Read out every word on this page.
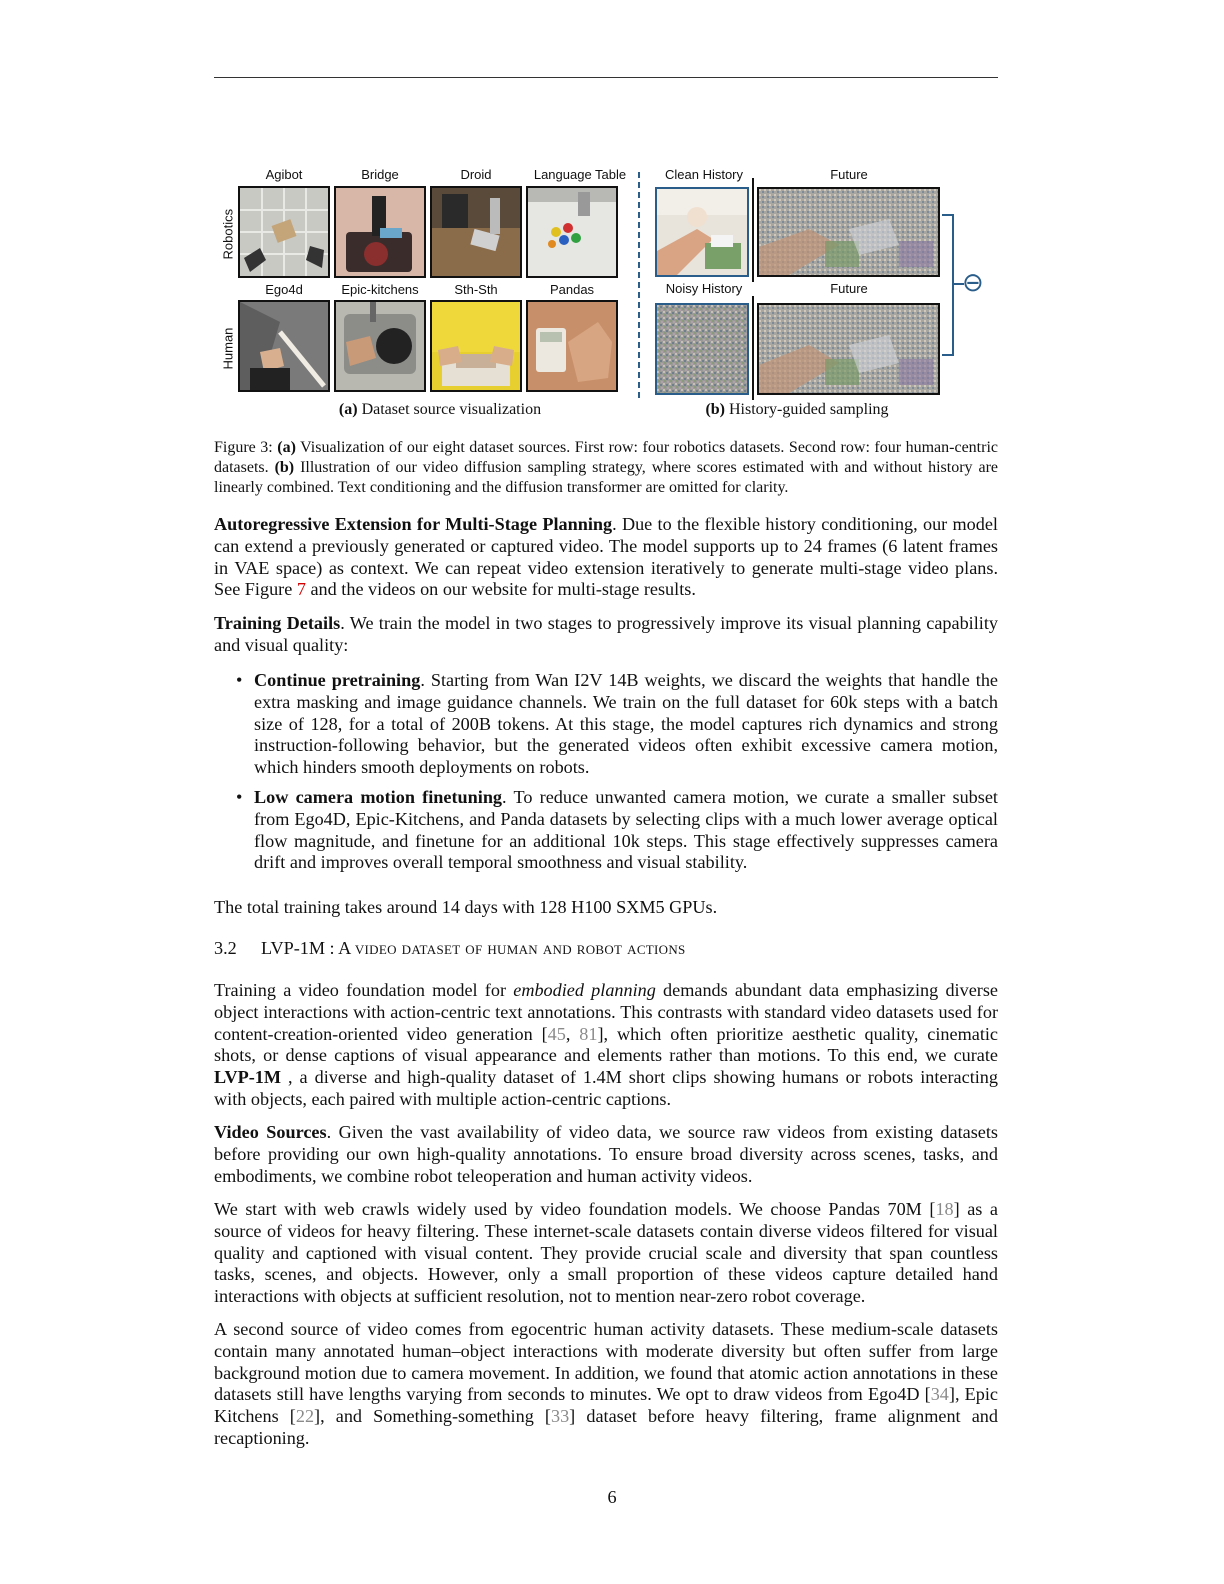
Robotics
Human
Agibot	Bridge	Droid	Language Table
Ego4d	Epic-kitchens	Sth-Sth	Pandas
Clean History	Future
Noisy History	Future	⊖
(a) Dataset source visualization	(b) History-guided sampling
Figure 3: (a) Visualization of our eight dataset sources. First row: four robotics datasets. Second row: four human-centric datasets. (b) Illustration of our video diffusion sampling strategy, where scores estimated with and without history are linearly combined. Text conditioning and the diffusion transformer are omitted for clarity.
Autoregressive Extension for Multi-Stage Planning. Due to the flexible history conditioning, our model can extend a previously generated or captured video. The model supports up to 24 frames (6 latent frames in VAE space) as context. We can repeat video extension iteratively to generate multi-stage video plans. See Figure 7 and the videos on our website for multi-stage results.
Training Details. We train the model in two stages to progressively improve its visual planning capability and visual quality:
• Continue pretraining. Starting from Wan I2V 14B weights, we discard the weights that handle the extra masking and image guidance channels. We train on the full dataset for 60k steps with a batch size of 128, for a total of 200B tokens. At this stage, the model captures rich dynamics and strong instruction-following behavior, but the generated videos often exhibit excessive camera motion, which hinders smooth deployments on robots.
• Low camera motion finetuning. To reduce unwanted camera motion, we curate a smaller subset from Ego4D, Epic-Kitchens, and Panda datasets by selecting clips with a much lower average optical flow magnitude, and finetune for an additional 10k steps. This stage effectively suppresses camera drift and improves overall temporal smoothness and visual stability.
The total training takes around 14 days with 128 H100 SXM5 GPUs.
3.2 LVP-1M : A video dataset of human and robot actions
Training a video foundation model for embodied planning demands abundant data emphasizing diverse object interactions with action-centric text annotations. This contrasts with standard video datasets used for content-creation-oriented video generation [45, 81], which often prioritize aesthetic quality, cinematic shots, or dense captions of visual appearance and elements rather than motions. To this end, we curate LVP-1M , a diverse and high-quality dataset of 1.4M short clips showing humans or robots interacting with objects, each paired with multiple action-centric captions.
Video Sources. Given the vast availability of video data, we source raw videos from existing datasets before providing our own high-quality annotations. To ensure broad diversity across scenes, tasks, and embodiments, we combine robot teleoperation and human activity videos.
We start with web crawls widely used by video foundation models. We choose Pandas 70M [18] as a source of videos for heavy filtering. These internet-scale datasets contain diverse videos filtered for visual quality and captioned with visual content. They provide crucial scale and diversity that span countless tasks, scenes, and objects. However, only a small proportion of these videos capture detailed hand interactions with objects at sufficient resolution, not to mention near-zero robot coverage.
A second source of video comes from egocentric human activity datasets. These medium-scale datasets contain many annotated human–object interactions with moderate diversity but often suffer from large background motion due to camera movement. In addition, we found that atomic action annotations in these datasets still have lengths varying from seconds to minutes. We opt to draw videos from Ego4D [34], Epic Kitchens [22], and Something-something [33] dataset before heavy filtering, frame alignment and recaptioning.
6
